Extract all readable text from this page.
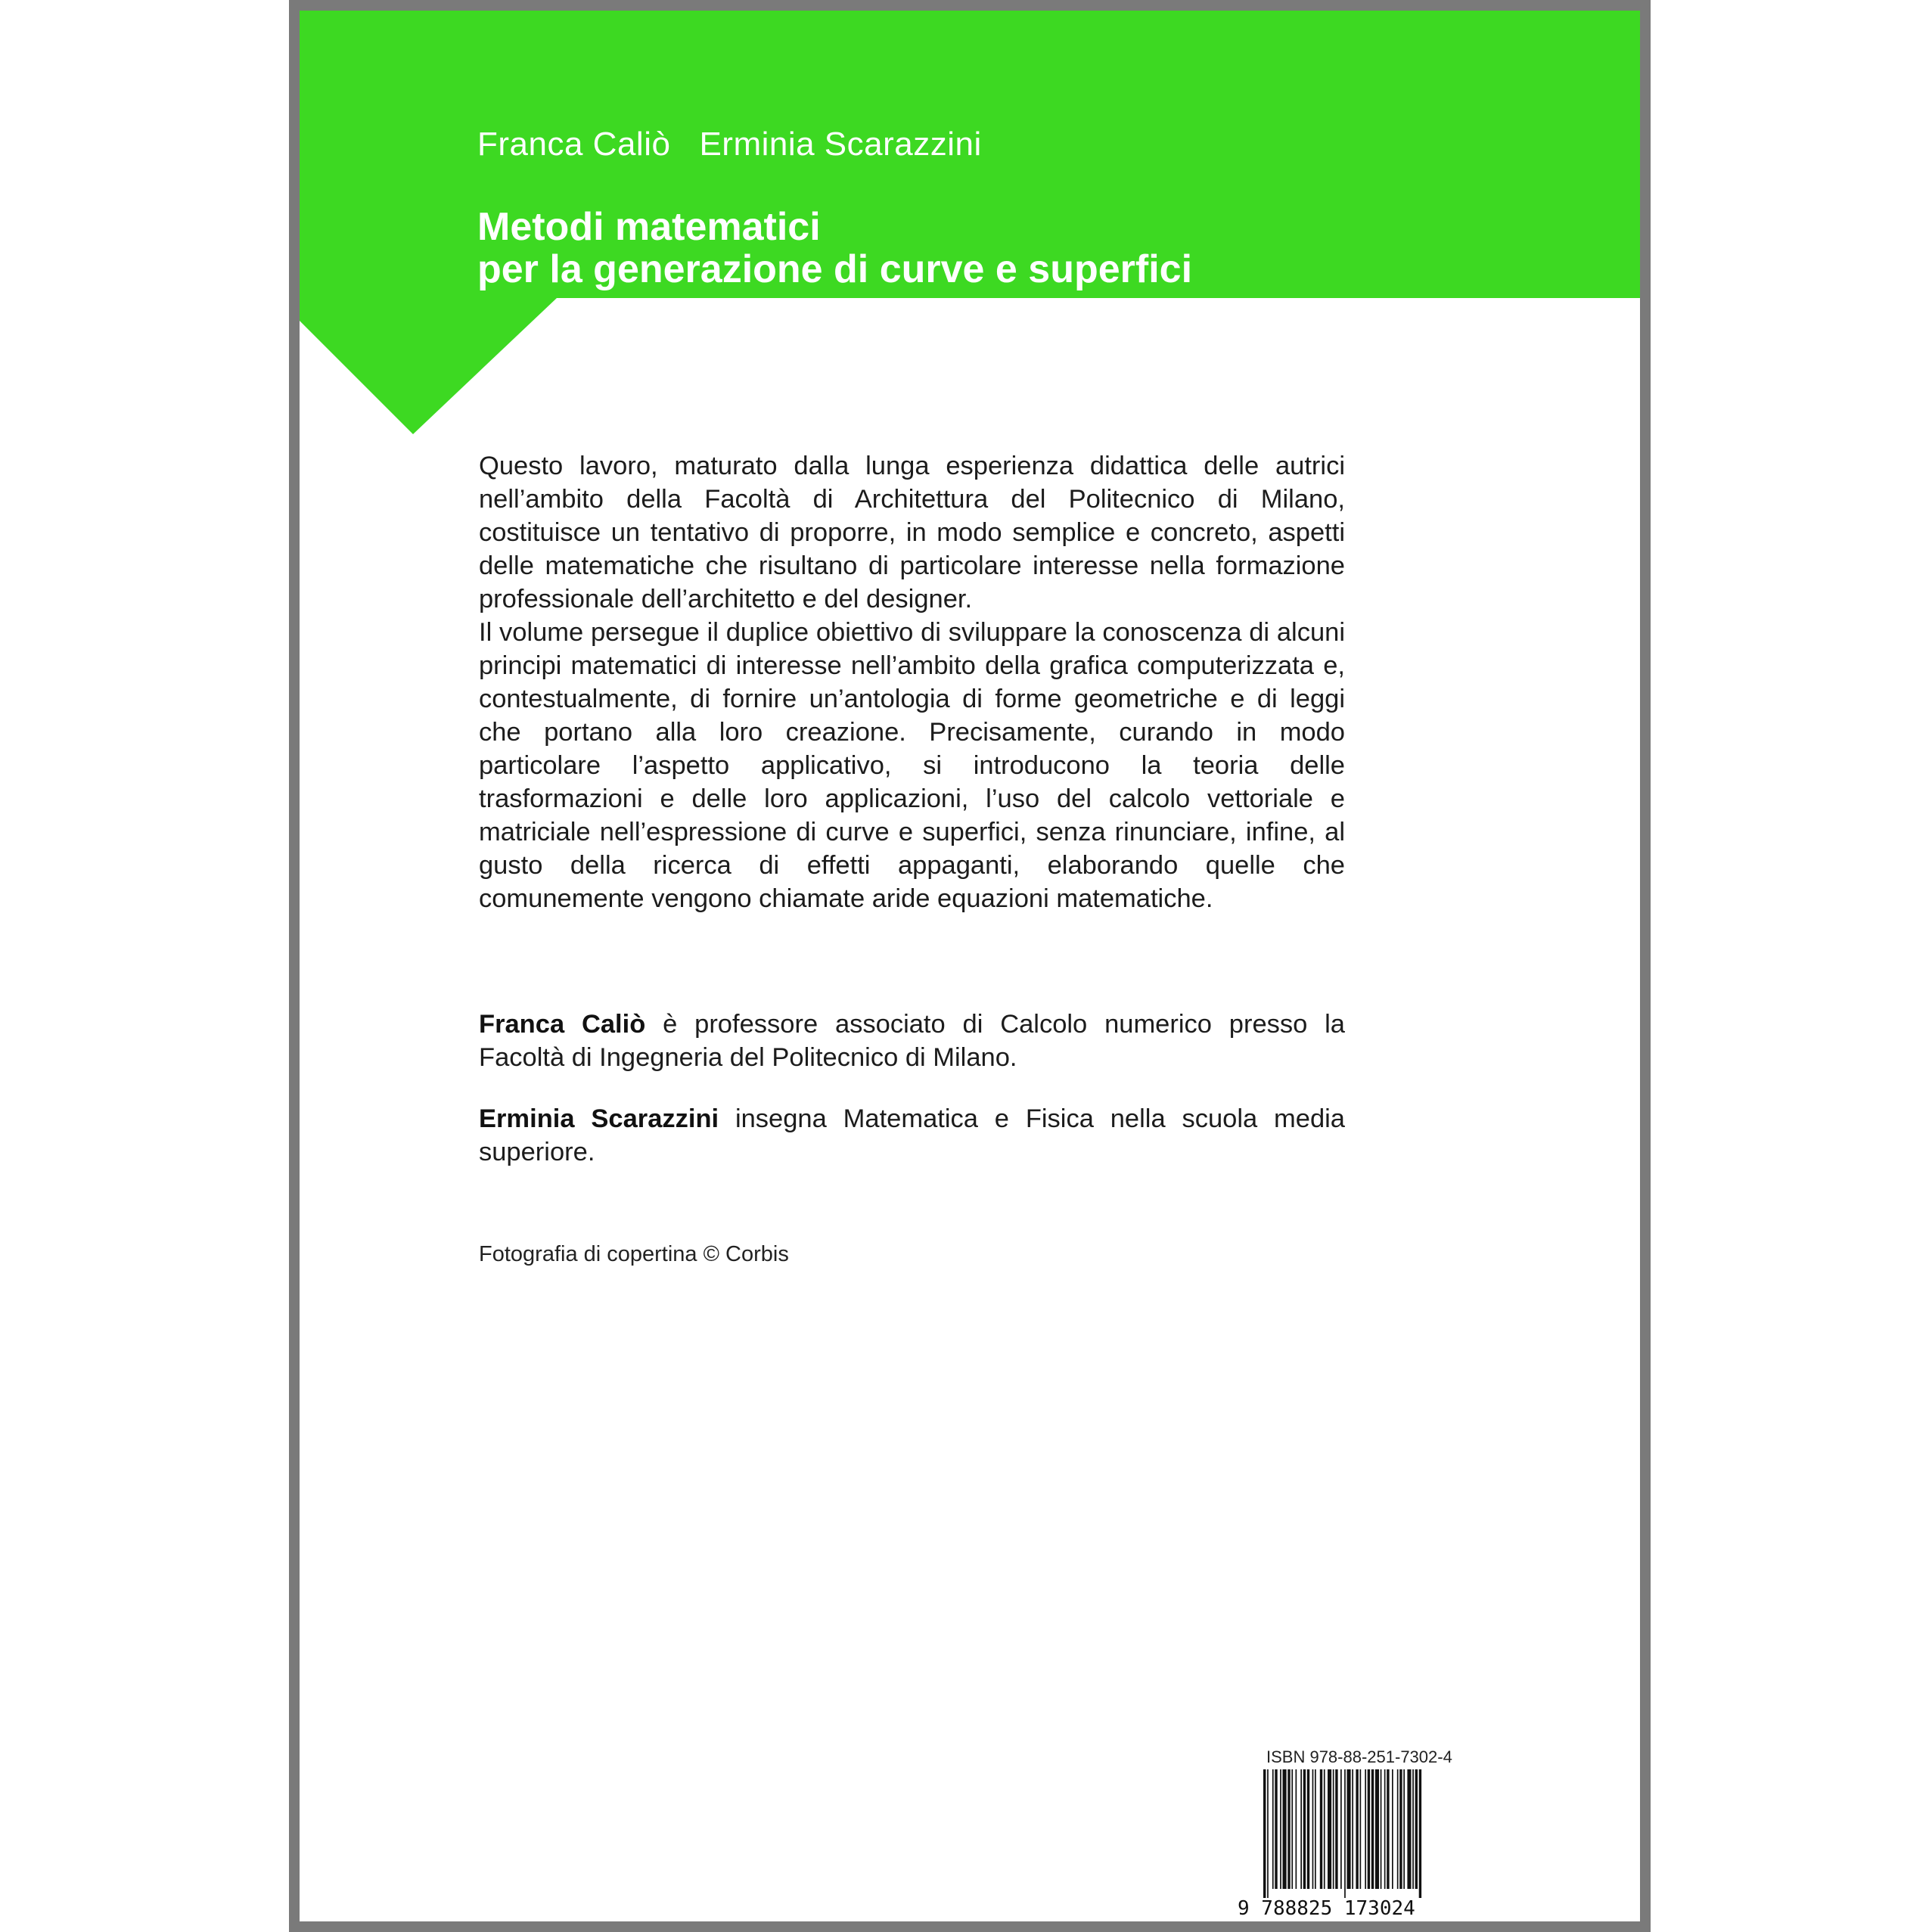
Franca Caliò Erminia Scarazzini
Metodi matematici
per la generazione di curve e superfici

Questo lavoro, maturato dalla lunga esperienza didattica delle autrici nell’ambito della Facoltà di Architettura del Politecnico di Milano, costituisce un tentativo di proporre, in modo semplice e concreto, aspetti delle matematiche che risultano di particolare interesse nella formazione professionale dell’architetto e del designer.

Il volume persegue il duplice obiettivo di sviluppare la conoscenza di alcuni principi matematici di interesse nell’ambito della grafica computerizzata e, contestualmente, di fornire un’antologia di forme geometriche e di leggi che portano alla loro creazione. Precisamente, curando in modo particolare l’aspetto applicativo, si introducono la teoria delle trasformazioni e delle loro applicazioni, l’uso del calcolo vettoriale e matriciale nell’espressione di curve e superfici, senza rinunciare, infine, al gusto della ricerca di effetti appaganti, elaborando quelle che comunemente vengono chiamate aride equazioni matematiche.

Franca Caliò è professore associato di Calcolo numerico presso la Facoltà di Ingegneria del Politecnico di Milano.
Erminia Scarazzini insegna Matematica e Fisica nella scuola media superiore.
Fotografia di copertina © Corbis
ISBN 978-88-251-7302-4
9 788825 173024
